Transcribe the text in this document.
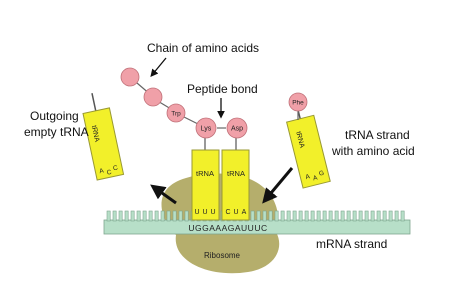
Ribosome
UGGAAAGAUUUC
tRNA
A C
C
tRNA
U U U
tRNA
C U A
tRNA
A A
G
Trp
Lys	Asp
Phe
Chain of amino acids
Peptide bond
Outgoing
empty tRNA	tRNA strand
with amino acid
mRNA strand
